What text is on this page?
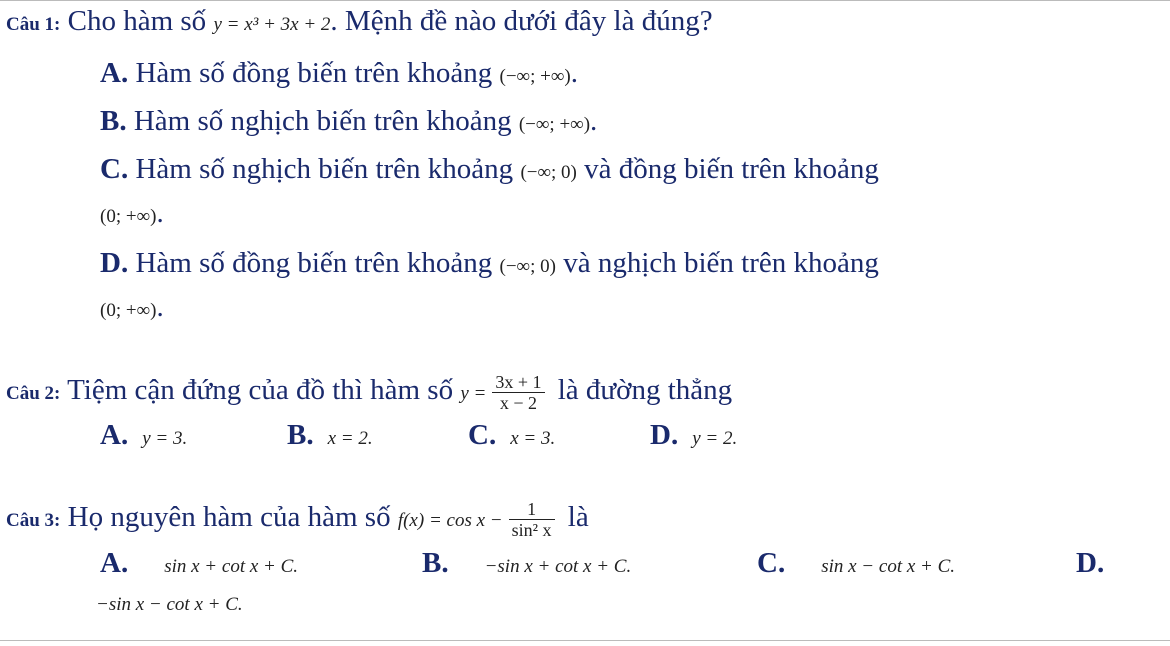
Câu 1: Cho hàm số y = x³ + 3x + 2. Mệnh đề nào dưới đây là đúng?
A. Hàm số đồng biến trên khoảng (−∞; +∞).
B. Hàm số nghịch biến trên khoảng (−∞; +∞).
C. Hàm số nghịch biến trên khoảng (−∞; 0) và đồng biến trên khoảng
(0; +∞).
D. Hàm số đồng biến trên khoảng (−∞; 0) và nghịch biến trên khoảng
(0; +∞).
Câu 2: Tiệm cận đứng của đồ thì hàm số $y = \frac{3x + 1}{x - 2}$ là đường thẳng
A. y = 3.	B. x = 2.	C. x = 3.	D. y = 2.
Câu 3: Họ nguyên hàm của hàm số $f(x) = \cos x - \frac{1}{\text{sin² x}}$ là
A. sin x + cot x + C.	B. −sin x + cot x + C.	C. sin x − cot x + C.	D.
−sin x − cot x + C.
